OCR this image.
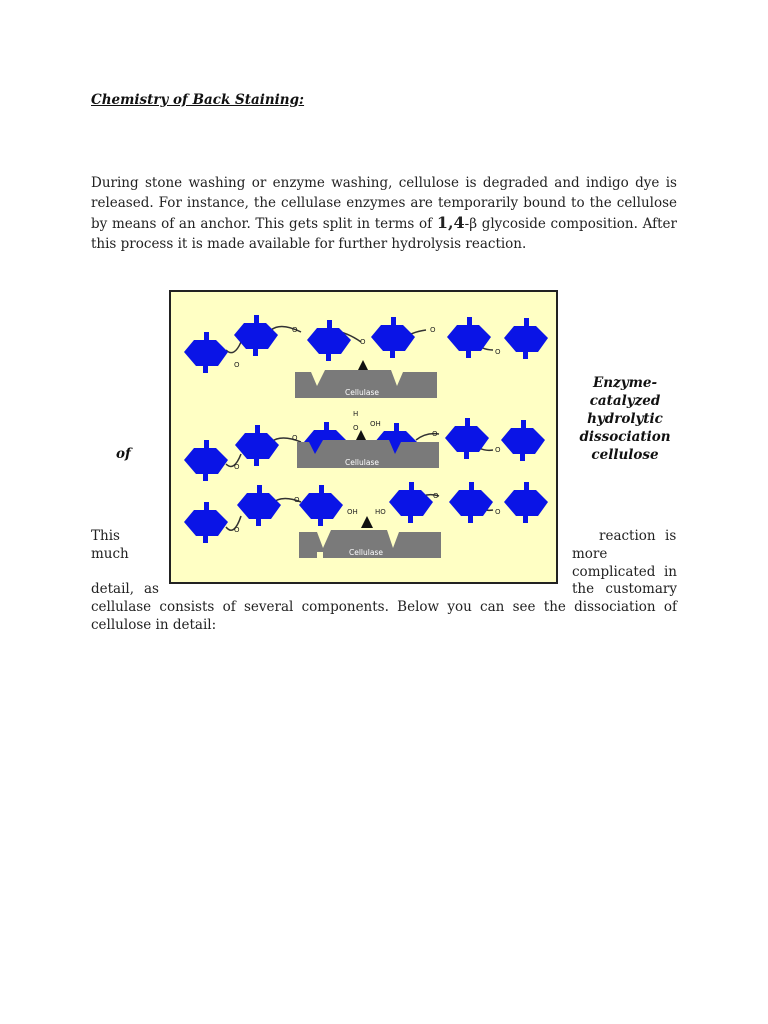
Chemistry of Back Staining:
During stone washing or enzyme washing, cellulose is degraded and indigo dye is released. For instance, the cellulase enzymes are temporarily bound to the cellulose by means of an anchor. This gets split in terms of 1,4-β glycoside composition. After this process it is made available for further hydrolysis reaction.
O
O
O
O
O
Cellulase
O
O	O
O
H
O OH
Cellulase
O
O	O
O
OH HO
Cellulase
Enzyme-
catalyzed
hydrolytic
dissociation
cellulose
of
This	reaction is
much	more
complicated in
detail, as	the customary
cellulase consists of several components. Below you can see the dissociation of cellulose in detail:
